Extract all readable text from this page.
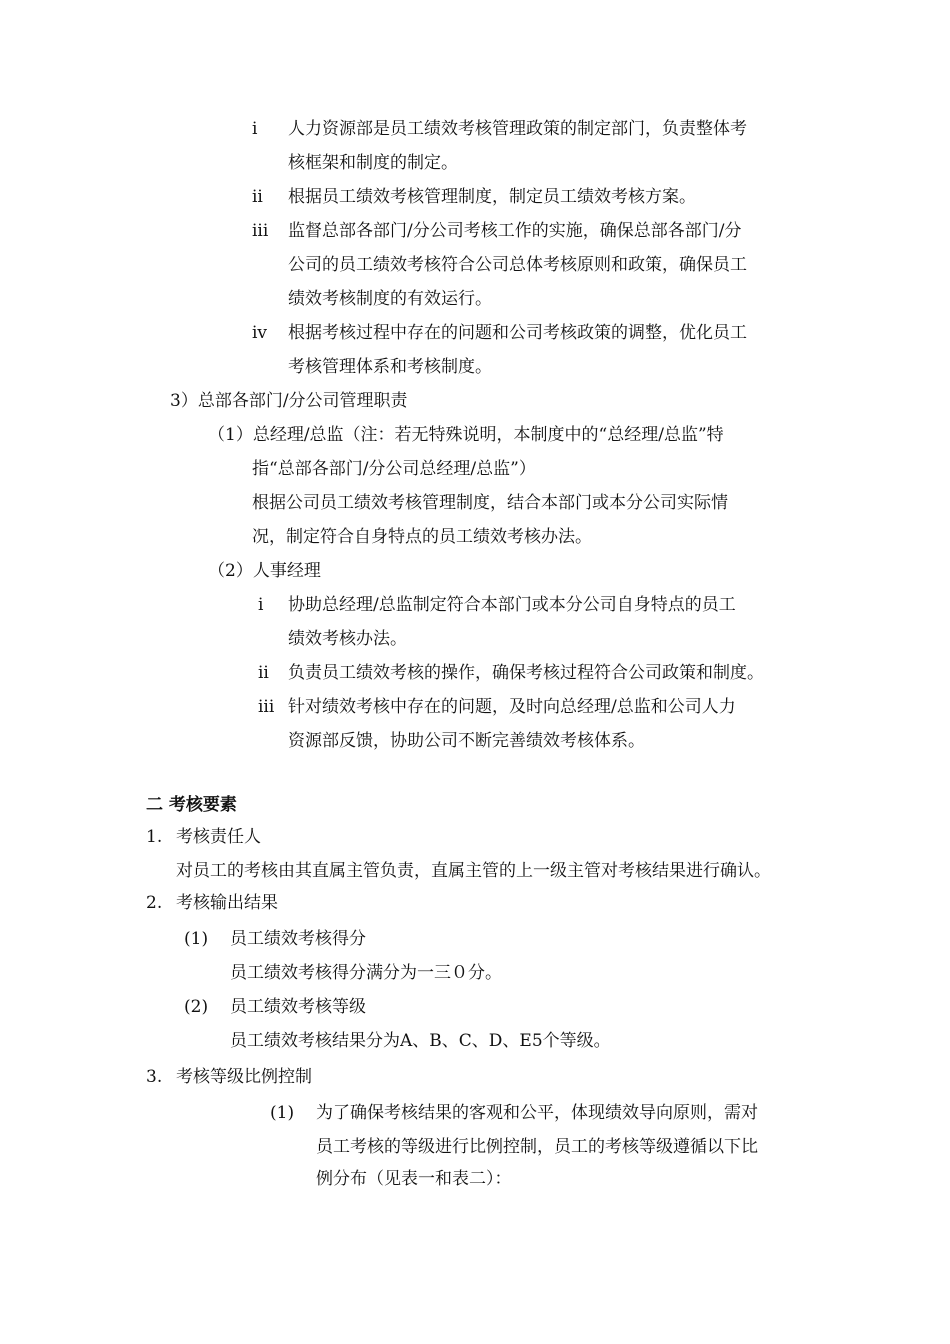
i 人力资源部是员工绩效考核管理政策的制定部门，负责整体考
核框架和制度的制定。
ii 根据员工绩效考核管理制度，制定员工绩效考核方案。
iii 监督总部各部门/分公司考核工作的实施，确保总部各部门/分
公司的员工绩效考核符合公司总体考核原则和政策，确保员工
绩效考核制度的有效运行。
iv 根据考核过程中存在的问题和公司考核政策的调整，优化员工
考核管理体系和考核制度。
3）总部各部门/分公司管理职责
（1）总经理/总监（注：若无特殊说明，本制度中的“总经理/总监”特
指“总部各部门/分公司总经理/总监”）
根据公司员工绩效考核管理制度，结合本部门或本分公司实际情
况，制定符合自身特点的员工绩效考核办法。
（2）人事经理
i 协助总经理/总监制定符合本部门或本分公司自身特点的员工
绩效考核办法。
ii 负责员工绩效考核的操作，确保考核过程符合公司政策和制度。
iii 针对绩效考核中存在的问题，及时向总经理/总监和公司人力
资源部反馈，协助公司不断完善绩效考核体系。
二 考核要素
1. 考核责任人
对员工的考核由其直属主管负责，直属主管的上一级主管对考核结果进行确认。
2. 考核输出结果
(1) 员工绩效考核得分
员工绩效考核得分满分为一三０分。
(2) 员工绩效考核等级
员工绩效考核结果分为A、B、C、D、E5个等级。
3. 考核等级比例控制
(1) 为了确保考核结果的客观和公平，体现绩效导向原则，需对
员工考核的等级进行比例控制，员工的考核等级遵循以下比
例分布（见表一和表二）：
